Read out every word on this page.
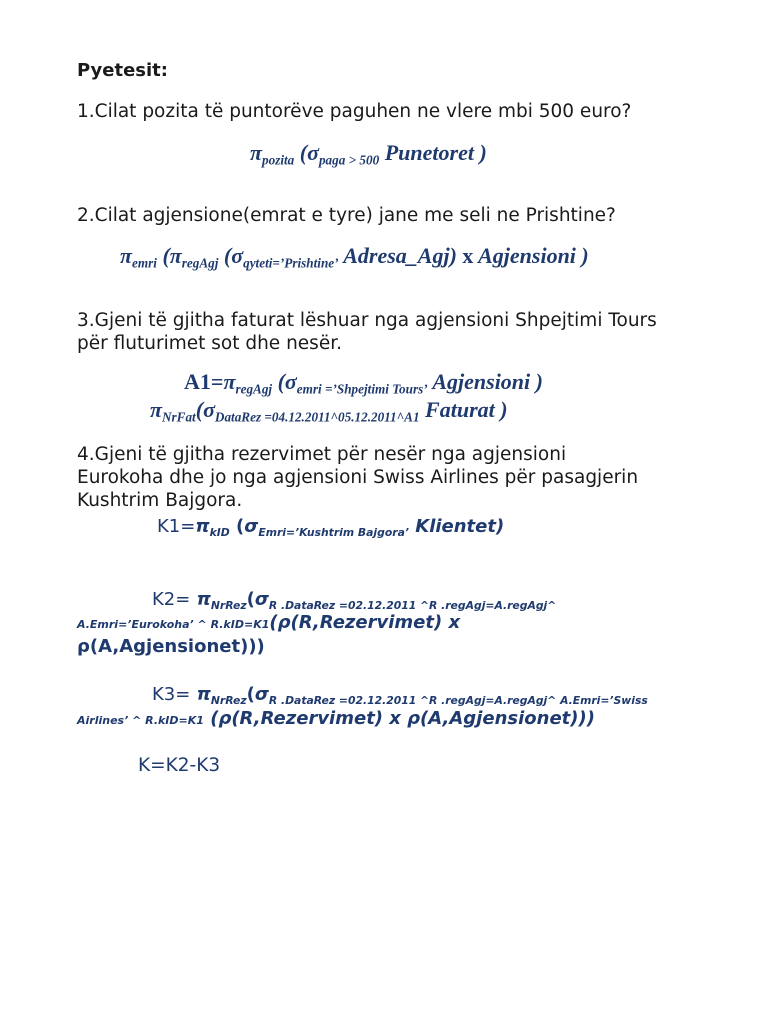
Pyetesit:
1.Cilat pozita të puntorëve paguhen ne vlere mbi 500 euro?
$\pi_{pozita}$ ($\sigma_{paga > 500}$ Punetoret )
2.Cilat agjensione(emrat e tyre) jane me seli ne Prishtine?
$\pi_{emri}$ ($\pi_{regAgj}$ ($\sigma_{qyteti=’Prishtine’}$ Adresa_Agj) x Agjensioni )
3.Gjeni të gjitha faturat lëshuar nga agjensioni Shpejtimi Tours
për fluturimet sot dhe nesër.
$A1=\pi_{regAgj}$ ($\sigma_{emri =’Shpejtimi Tours’}$ Agjensioni )
$\pi_{NrFat}(\sigma_{DataRez =04.12.2011\^{}05.12.2011\^{}A1}$ Faturat )
4.Gjeni të gjitha rezervimet për nesër nga agjensioni
Eurokoha dhe jo nga agjensioni Swiss Airlines për pasagjerin
Kushtrim Bajgora.
$K1=\pi_{kID}$ ($\sigma_{Emri=’Kushtrim Bajgora’}$ Klientet)
$K2= \pi_{NrRez}(\sigma_{R .DataRez =02.12.2011 \^{}R .regAgj=A.regAgj\^{}}$
A.Emri=’Eurokoha’ ^ R.kID=K1(ρ(R,Rezervimet) x
ρ(A,Agjensionet)))
$K3= \pi_{NrRez}(\sigma_{R .DataRez =02.12.2011 \^{}R .regAgj=A.regAgj\^{} A.Emri=’Swiss}$
Airlines’ ^ R.kID=K1 (ρ(R,Rezervimet) x ρ(A,Agjensionet)))
K=K2-K3
